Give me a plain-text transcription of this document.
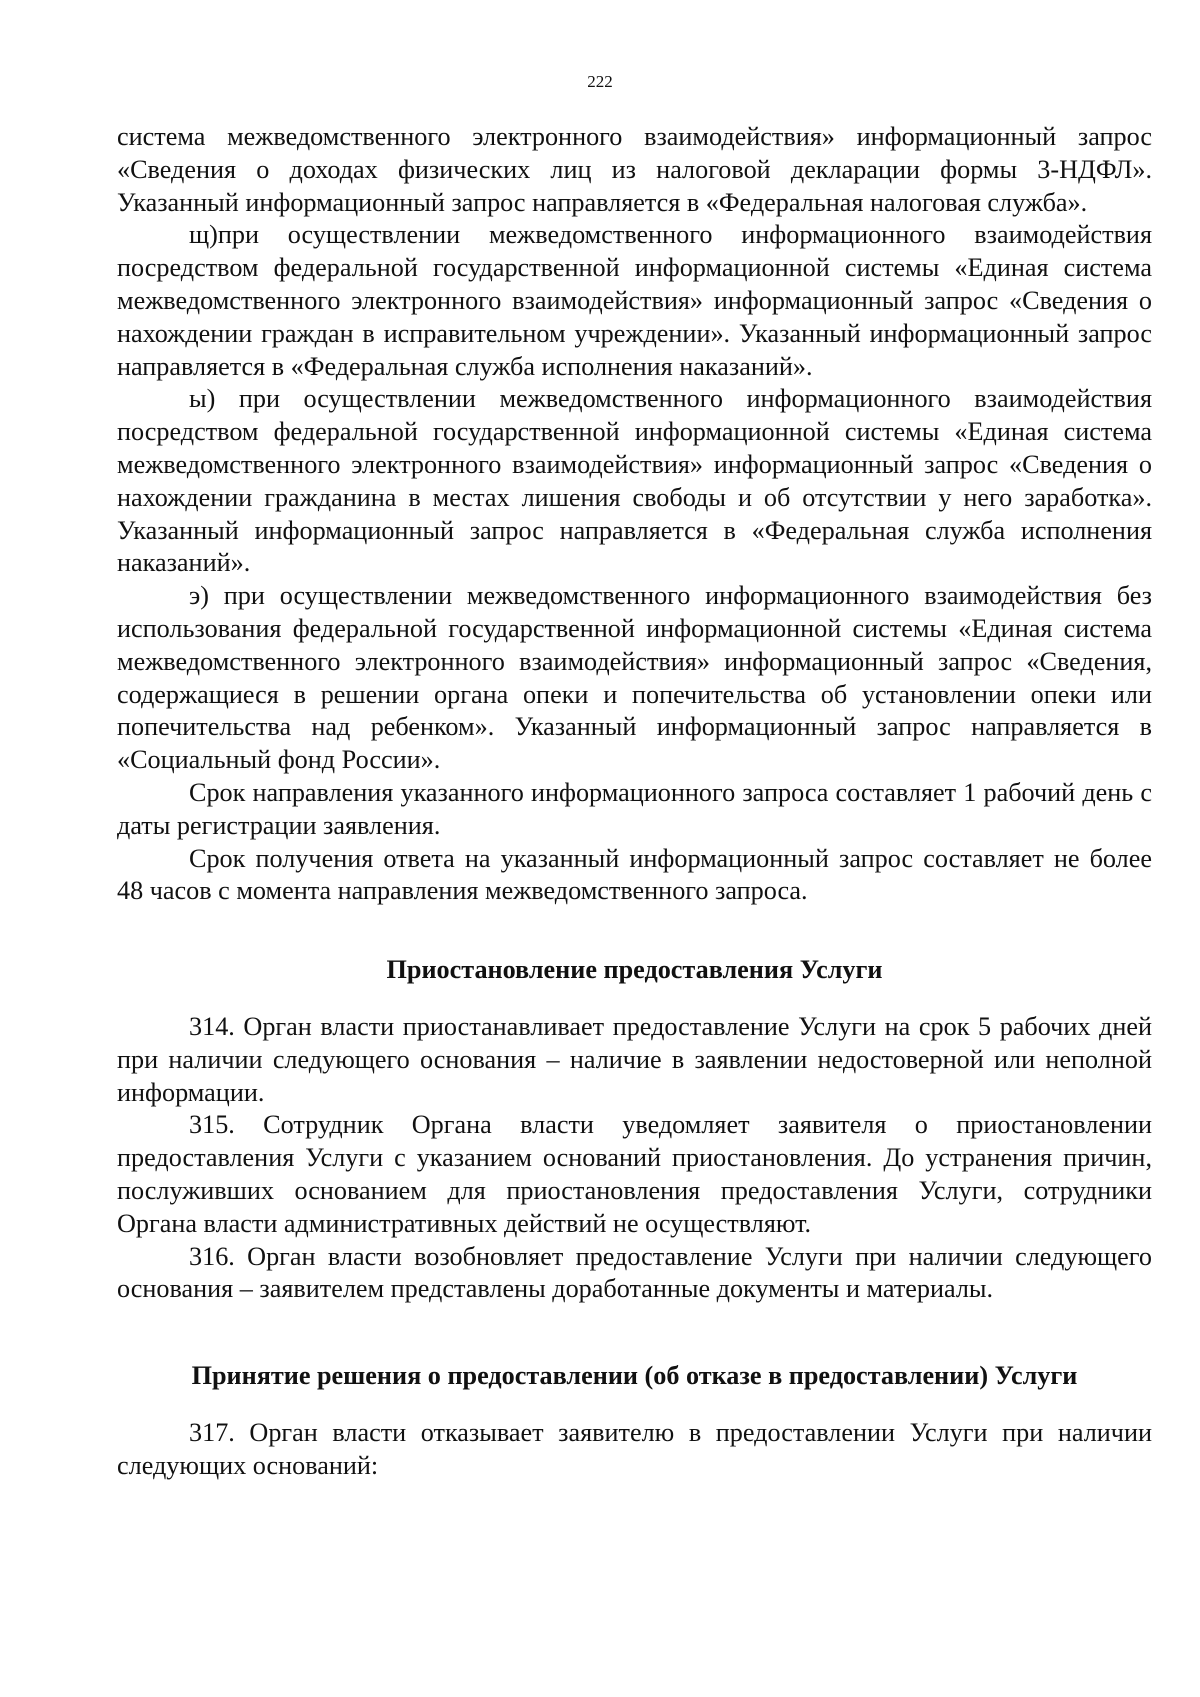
222

система межведомственного электронного взаимодействия» информационный запрос «Сведения о доходах физических лиц из налоговой декларации формы 3-НДФЛ». Указанный информационный запрос направляется в «Федеральная налоговая служба».

щ)при осуществлении межведомственного информационного взаимодействия посредством федеральной государственной информационной системы «Единая система межведомственного электронного взаимодействия» информационный запрос «Сведения о нахождении граждан в исправительном учреждении». Указанный информационный запрос направляется в «Федеральная служба исполнения наказаний».

ы) при осуществлении межведомственного информационного взаимодействия посредством федеральной государственной информационной системы «Единая система межведомственного электронного взаимодействия» информационный запрос «Сведения о нахождении гражданина в местах лишения свободы и об отсутствии у него заработка». Указанный информационный запрос направляется в «Федеральная служба исполнения наказаний».

э) при осуществлении межведомственного информационного взаимодействия без использования федеральной государственной информационной системы «Единая система межведомственного электронного взаимодействия» информационный запрос «Сведения, содержащиеся в решении органа опеки и попечительства об установлении опеки или попечительства над ребенком». Указанный информационный запрос направляется в «Социальный фонд России».

Срок направления указанного информационного запроса составляет 1 рабочий день с даты регистрации заявления.

Срок получения ответа на указанный информационный запрос составляет не более 48 часов с момента направления межведомственного запроса.

Приостановление предоставления Услуги

314. Орган власти приостанавливает предоставление Услуги на срок 5 рабочих дней при наличии следующего основания – наличие в заявлении недостоверной или неполной информации.

315. Сотрудник Органа власти уведомляет заявителя о приостановлении предоставления Услуги с указанием оснований приостановления. До устранения причин, послуживших основанием для приостановления предоставления Услуги, сотрудники Органа власти административных действий не осуществляют.

316. Орган власти возобновляет предоставление Услуги при наличии следующего основания – заявителем представлены доработанные документы и материалы.

Принятие решения о предоставлении (об отказе в предоставлении) Услуги

317. Орган власти отказывает заявителю в предоставлении Услуги при наличии следующих оснований:
